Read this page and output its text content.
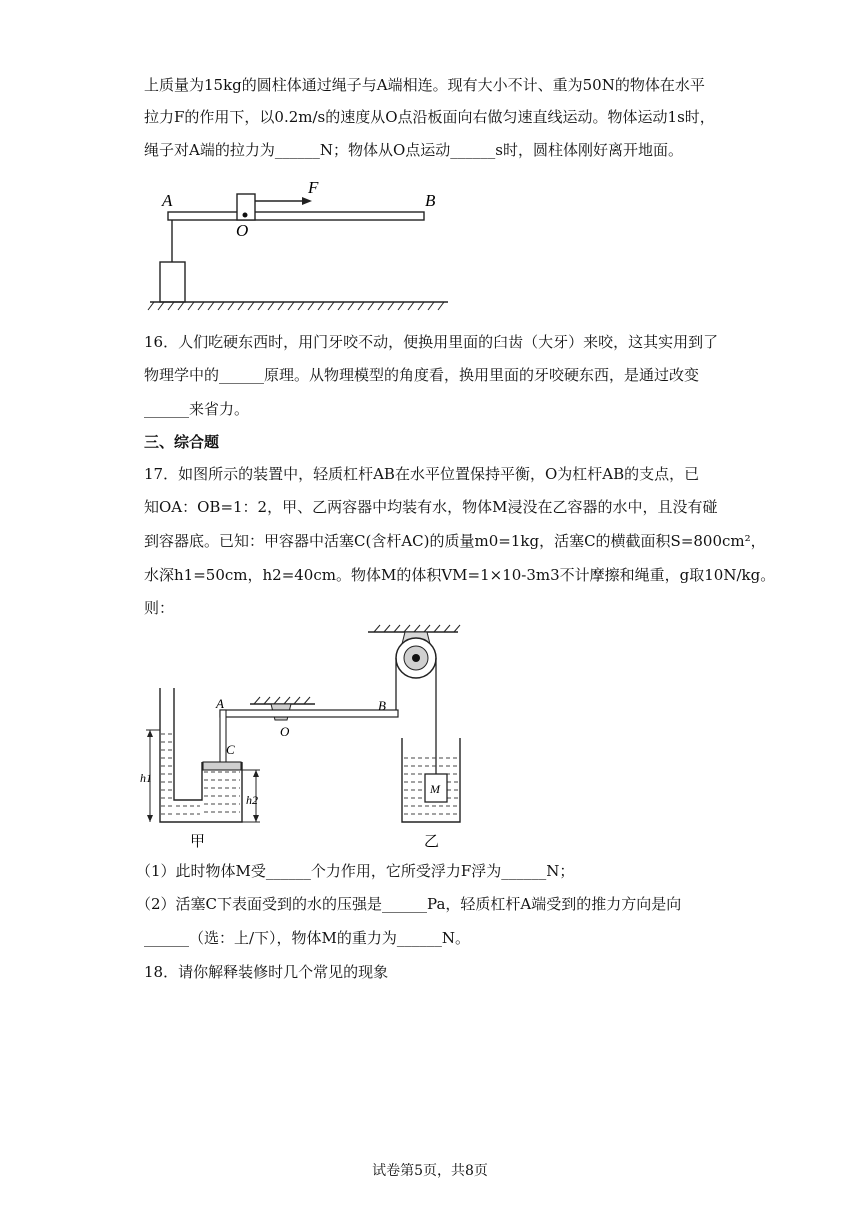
上质量为15kg的圆柱体通过绳子与A端相连。现有大小不计、重为50N的物体在水平
拉力F的作用下，以0.2m/s的速度从O点沿板面向右做匀速直线运动。物体运动1s时，
绳子对A端的拉力为______N；物体从O点运动______s时，圆柱体刚好离开地面。
A	B
O
F
16．人们吃硬东西时，用门牙咬不动，便换用里面的臼齿（大牙）来咬，这其实用到了
物理学中的______原理。从物理模型的角度看，换用里面的牙咬硬东西，是通过改变
______来省力。
三、综合题
17．如图所示的装置中，轻质杠杆AB在水平位置保持平衡，O为杠杆AB的支点，已
知OA：OB=1：2，甲、乙两容器中均装有水，物体M浸没在乙容器的水中，且没有碰
到容器底。已知：甲容器中活塞C(含杆AC)的质量m0=1kg，活塞C的横截面积S=800cm²，
水深h1=50cm，h2=40cm。物体M的体积VM=1×10-3m3不计摩擦和绳重，g取10N/kg。
则：
A	B
O
C
M
h1
h2
甲	乙
（1）此时物体M受______个力作用，它所受浮力F浮为______N；
（2）活塞C下表面受到的水的压强是______Pa，轻质杠杆A端受到的推力方向是向
______（选：上/下），物体M的重力为______N。
18．请你解释装修时几个常见的现象
试卷第5页，共8页
